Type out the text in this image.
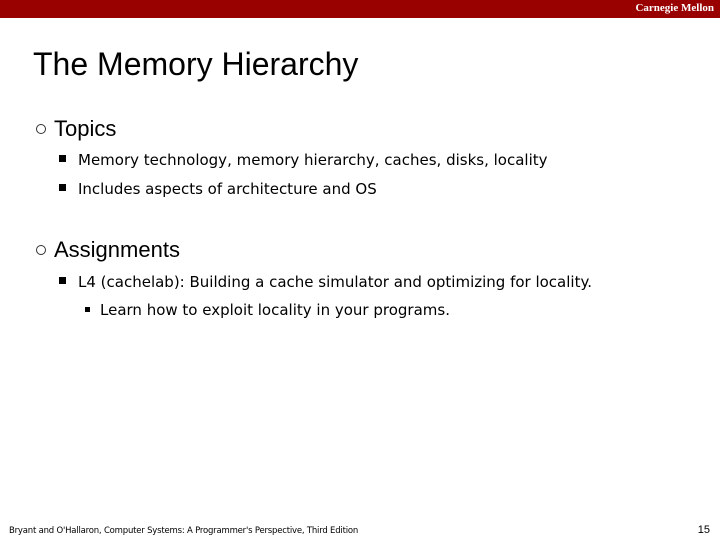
Carnegie Mellon
The Memory Hierarchy
Topics
Memory technology, memory hierarchy, caches, disks, locality
Includes aspects of architecture and OS
Assignments
L4 (cachelab): Building a cache simulator and optimizing for locality.
Learn how to exploit locality in your programs.
Bryant and O'Hallaron, Computer Systems: A Programmer's Perspective, Third Edition	15
